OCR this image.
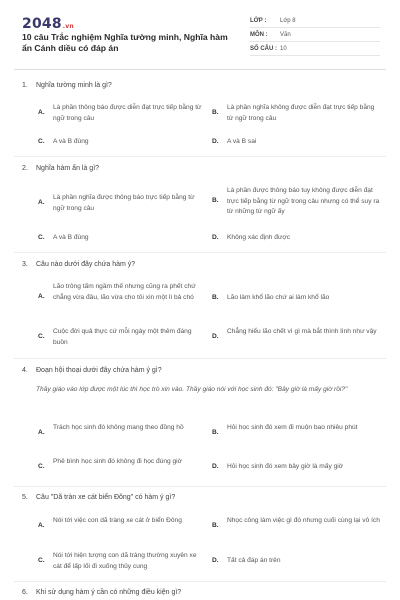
2048.vn
10 câu Trắc nghiệm Nghĩa tường minh, Nghĩa hàm ẩn Cánh diều có đáp án
LỚP :	Lớp 8
MÔN :	Văn
SỐ CÂU : 10
1. Nghĩa tường minh là gì?
A.
Là phần thông báo được diễn đạt trực tiếp bằng từ ngữ trong câu
B.
Là phần nghĩa không được diễn đạt trực tiếp bằng từ ngữ trong câu
C. A và B đúng	D. A và B sai
2. Nghĩa hàm ẩn là gì?
A.
Là phần nghĩa được thông báo trực tiếp bằng từ ngữ trong câu
B.
Là phần được thông báo tuy không được diễn đạt trực tiếp bằng từ ngữ trong câu nhưng có thể suy ra từ những từ ngữ ấy
C. A và B đúng	D. Không xác định được
3. Câu nào dưới đây chứa hàm ý?
A.
Lão trông tấm ngầm thế nhưng cũng ra phết chứ chẳng vừa đâu, lão vừa cho tôi xin một lì bả chó	B. Lão làm khổ lão chứ ai làm khổ lão
C.
Cuộc đời quả thực cứ mỗi ngày một thêm đáng buồn
D.
Chẳng hiểu lão chết vì gì mà bắt thình lình như vậy
4. Đoạn hội thoại dưới đây chứa hàm ý gì?
Thầy giáo vào lớp được một lúc thì học trò xin vào. Thầy giáo nói với học sinh đó: "Bây giờ là mấy giờ rồi?"
A.
Trách học sinh đó không mang theo đồng hồ
B.
Hỏi học sinh đó xem đi muộn bao nhiêu phút
C.
Phê bình học sinh đó không đi học đúng giờ
D. Hỏi học sinh đó xem bây giờ là mấy giờ
5. Câu "Dã tràn xe cát biển Đông" có hàm ý gì?
A.
Nói tới việc con dã tràng xe cát ở biển Đông
B.
Nhọc công làm việc gì đó nhưng cuối cùng lại vô ích
C.
Nói tới hiện tượng con dã tràng thường xuyên xe cát để lấp lối đi xuống thủy cung
D. Tất cả đáp án trên
6. Khi sử dụng hàm ý cần có những điều kiện gì?
